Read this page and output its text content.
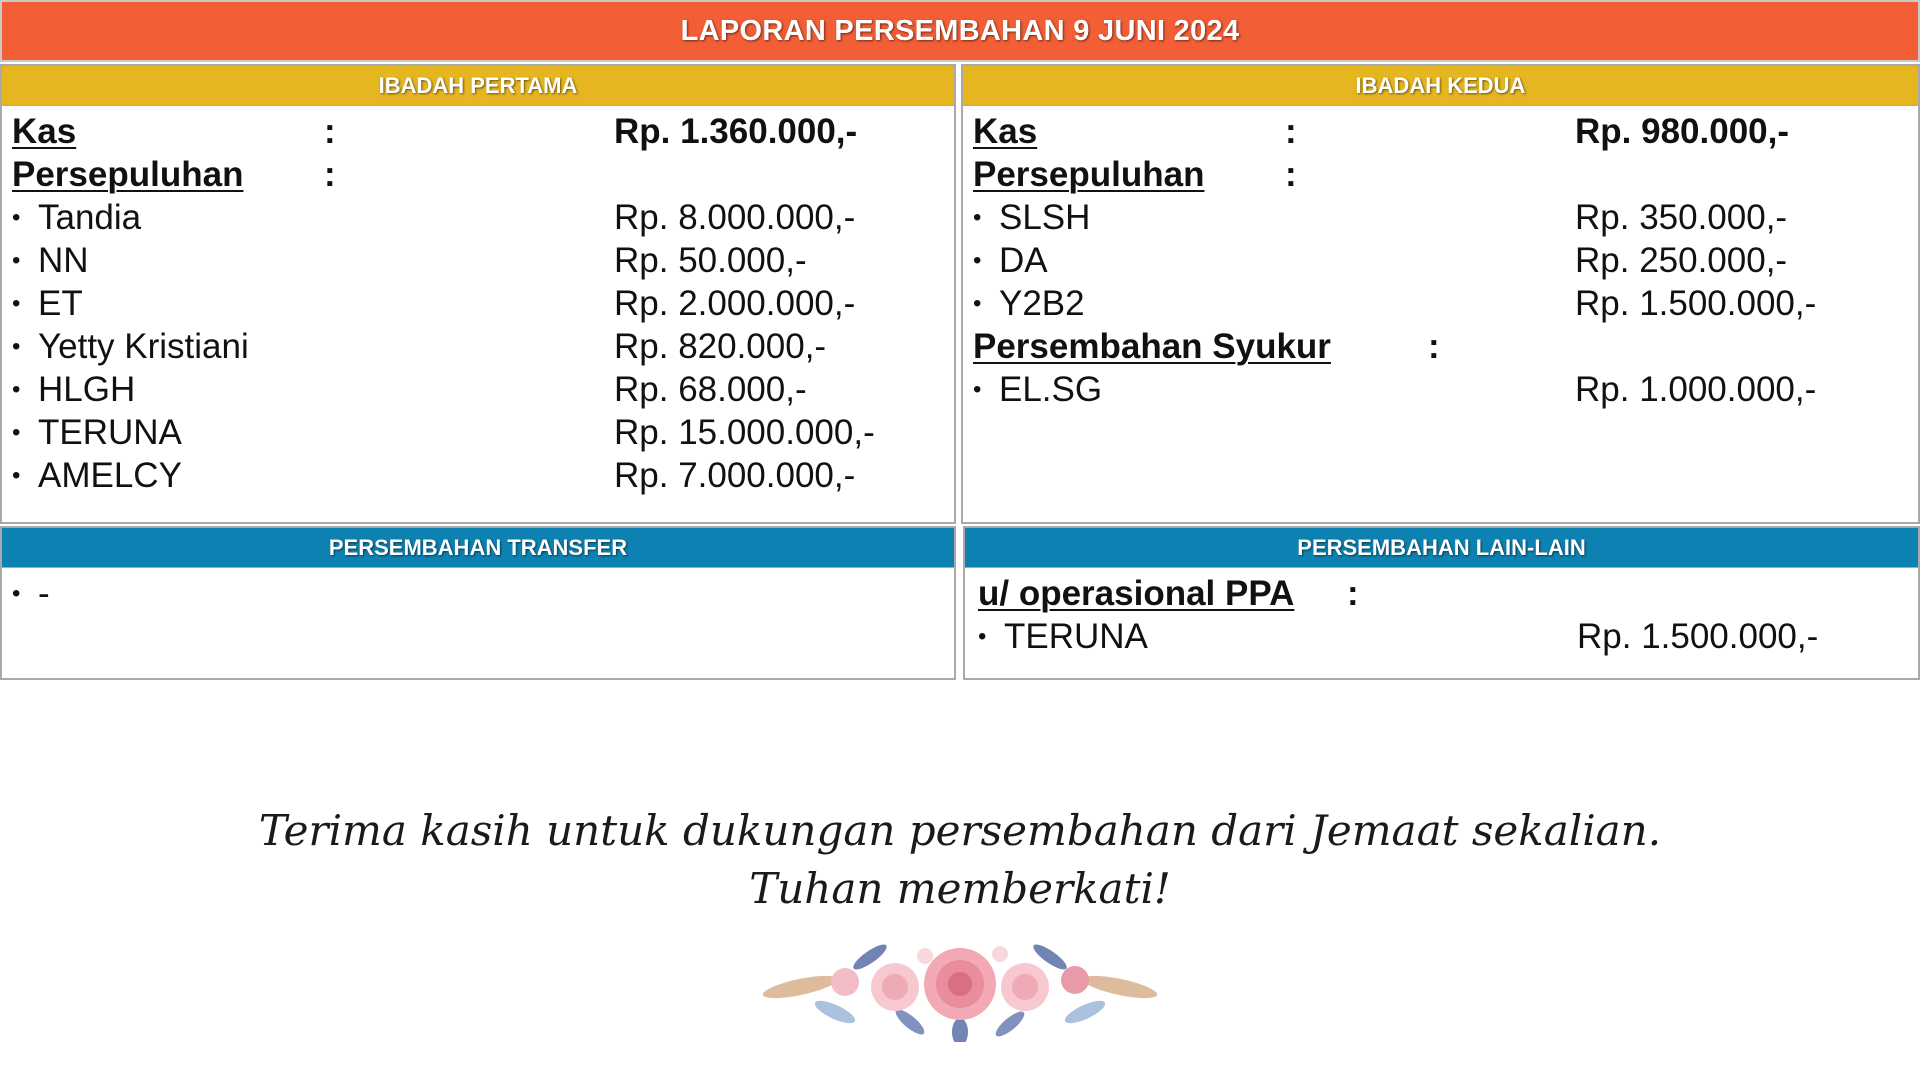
LAPORAN PERSEMBAHAN 9 JUNI 2024
IBADAH PERTAMA
Kas	:	Rp. 1.360.000,-
Persepuluhan :
• Tandia	Rp. 8.000.000,-
• NN	Rp. 50.000,-
• ET	Rp. 2.000.000,-
• Yetty Kristiani	Rp. 820.000,-
• HLGH	Rp. 68.000,-
• TERUNA	Rp. 15.000.000,-
• AMELCY	Rp. 7.000.000,-
IBADAH KEDUA
Kas	:	Rp. 980.000,-
Persepuluhan :
• SLSH	Rp. 350.000,-
• DA	Rp. 250.000,-
• Y2B2	Rp. 1.500.000,-
Persembahan Syukur	:
• EL.SG	Rp. 1.000.000,-
PERSEMBAHAN TRANSFER
• -
PERSEMBAHAN LAIN-LAIN
u/ operasional PPA :
• TERUNA	Rp. 1.500.000,-
Terima kasih untuk dukungan persembahan dari Jemaat sekalian.
Tuhan memberkati!
